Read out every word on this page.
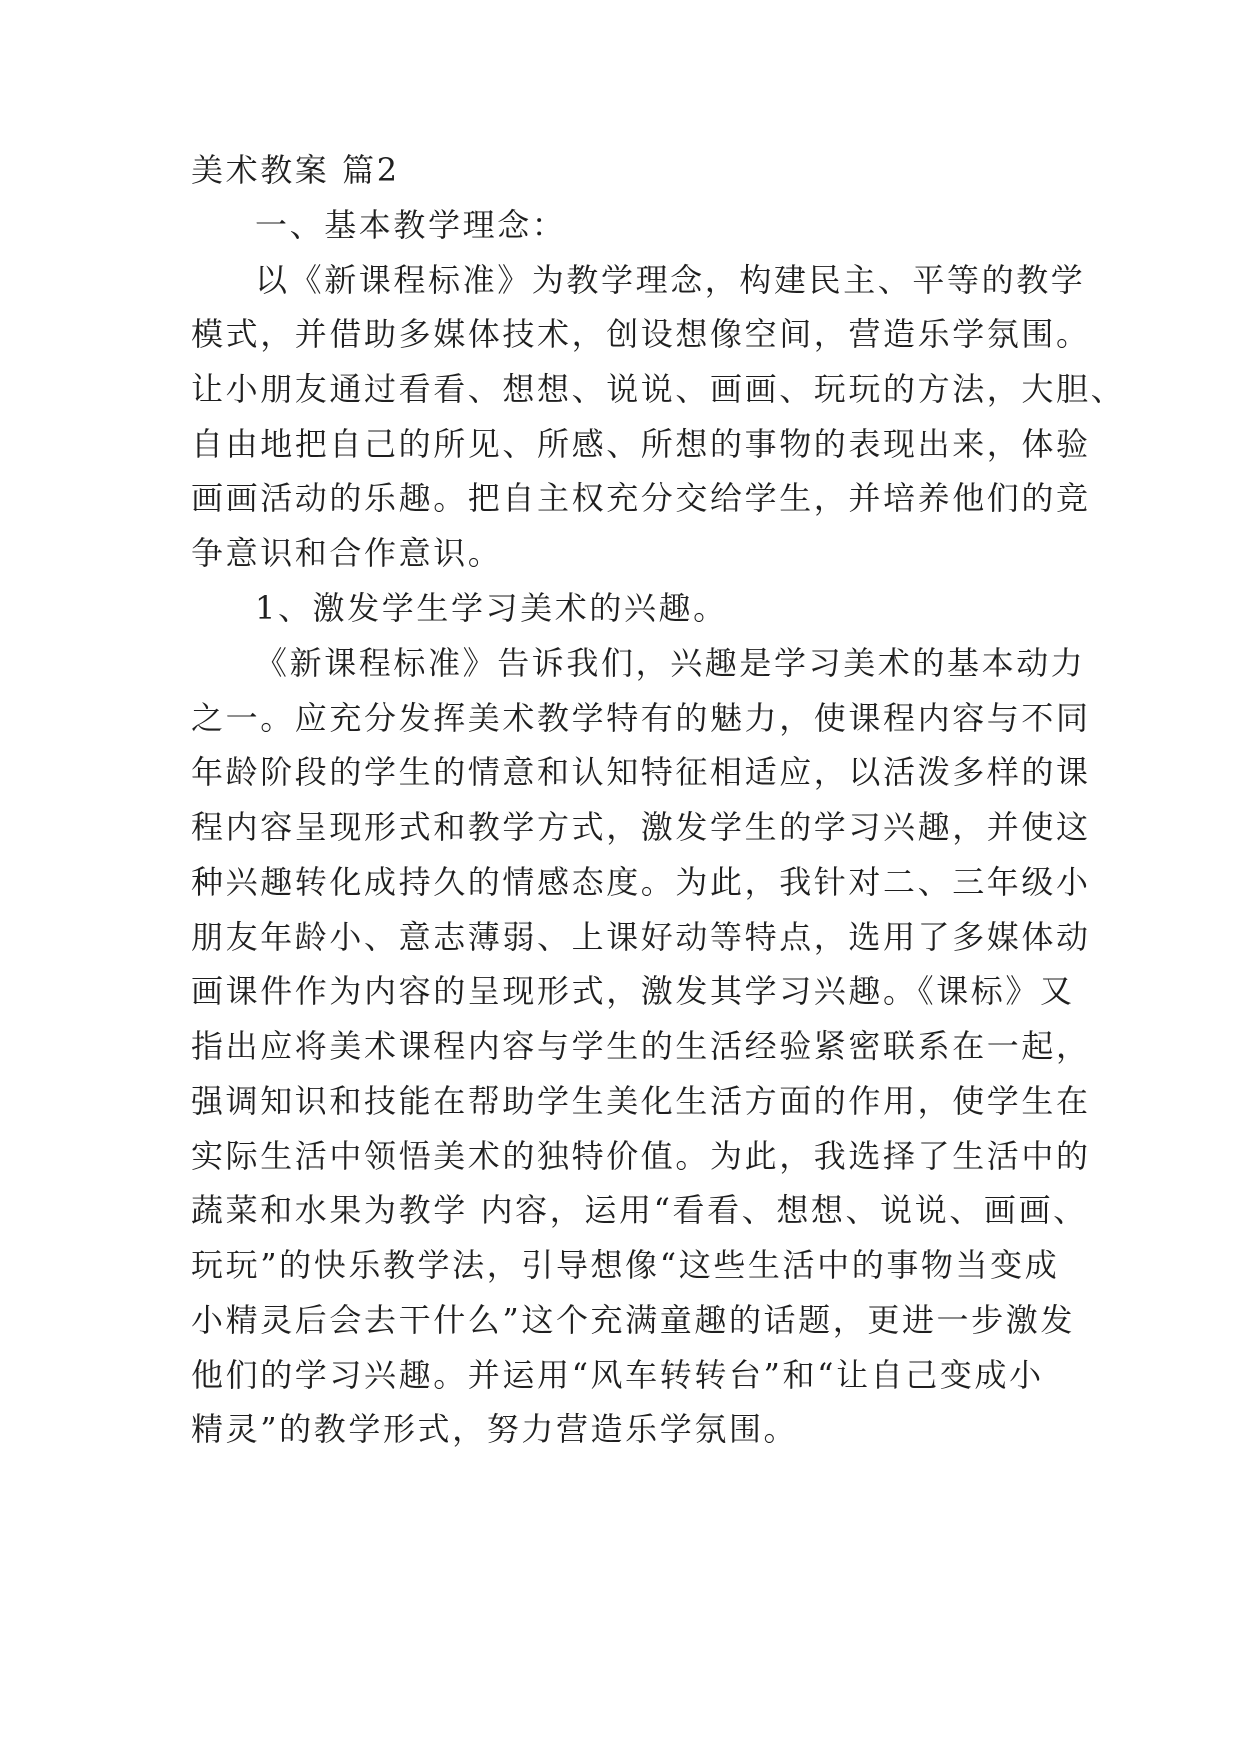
美术教案 篇2
一、基本教学理念：
以《新课程标准》为教学理念，构建民主、平等的教学
模式，并借助多媒体技术，创设想像空间，营造乐学氛围。
让小朋友通过看看、想想、说说、画画、玩玩的方法，大胆、
自由地把自己的所见、所感、所想的事物的表现出来，体验
画画活动的乐趣。把自主权充分交给学生，并培养他们的竞
争意识和合作意识。
1、激发学生学习美术的兴趣。
《新课程标准》告诉我们，兴趣是学习美术的基本动力
之一。应充分发挥美术教学特有的魅力，使课程内容与不同
年龄阶段的学生的情意和认知特征相适应，以活泼多样的课
程内容呈现形式和教学方式，激发学生的学习兴趣，并使这
种兴趣转化成持久的情感态度。为此，我针对二、三年级小
朋友年龄小、意志薄弱、上课好动等特点，选用了多媒体动
画课件作为内容的呈现形式，激发其学习兴趣。《课标》又
指出应将美术课程内容与学生的生活经验紧密联系在一起，
强调知识和技能在帮助学生美化生活方面的作用，使学生在
实际生活中领悟美术的独特价值。为此，我选择了生活中的
蔬菜和水果为教学 内容，运用“看看、想想、说说、画画、
玩玩”的快乐教学法，引导想像“这些生活中的事物当变成
小精灵后会去干什么”这个充满童趣的话题，更进一步激发
他们的学习兴趣。并运用“风车转转台”和“让自己变成小
精灵”的教学形式，努力营造乐学氛围。
